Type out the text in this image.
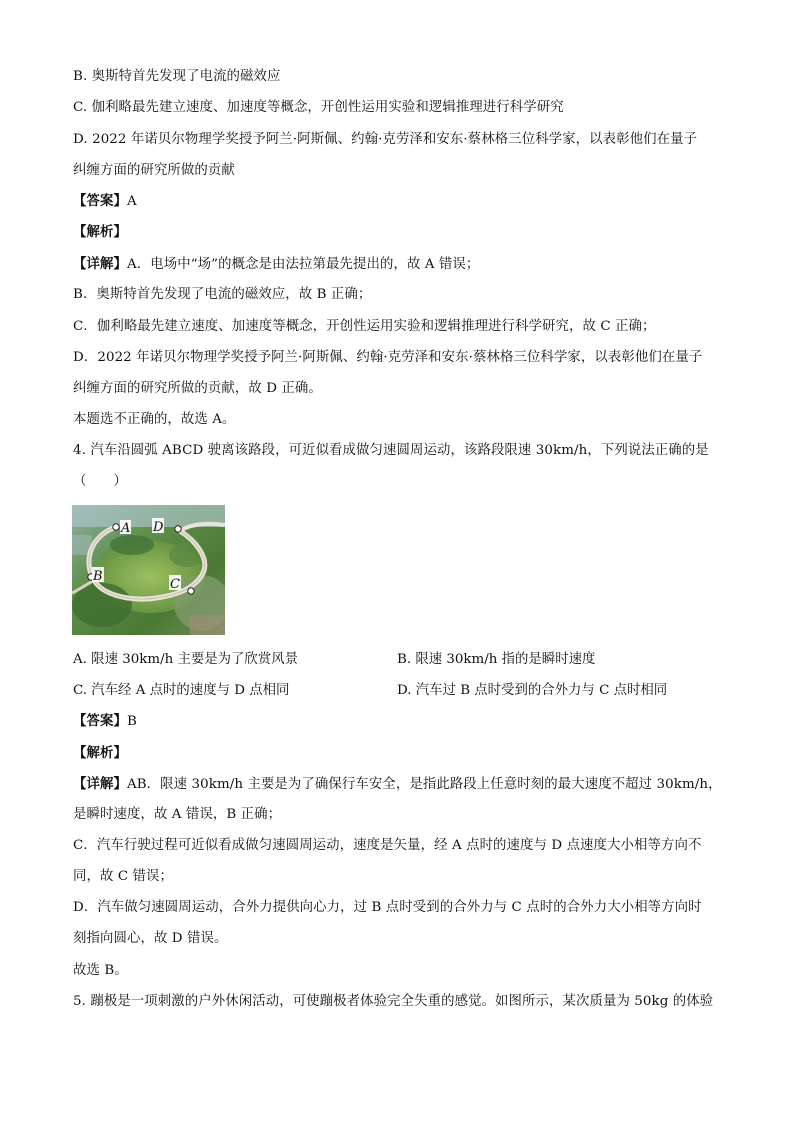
B. 奥斯特首先发现了电流的磁效应
C. 伽利略最先建立速度、加速度等概念，开创性运用实验和逻辑推理进行科学研究
D. 2022 年诺贝尔物理学奖授予阿兰·阿斯佩、约翰·克劳泽和安东·蔡林格三位科学家，以表彰他们在量子
纠缠方面的研究所做的贡献
【答案】A
【解析】
【详解】A．电场中“场”的概念是由法拉第最先提出的，故 A 错误；
B．奥斯特首先发现了电流的磁效应，故 B 正确；
C．伽利略最先建立速度、加速度等概念，开创性运用实验和逻辑推理进行科学研究，故 C 正确；
D．2022 年诺贝尔物理学奖授予阿兰·阿斯佩、约翰·克劳泽和安东·蔡林格三位科学家，以表彰他们在量子
纠缠方面的研究所做的贡献，故 D 正确。
本题选不正确的，故选 A。
4. 汽车沿圆弧 ABCD 驶离该路段，可近似看成做匀速圆周运动，该路段限速 30km/h，下列说法正确的是
（　　）
A D
B
C
A. 限速 30km/h 主要是为了欣赏风景	B. 限速 30km/h 指的是瞬时速度
C. 汽车经 A 点时的速度与 D 点相同	D. 汽车过 B 点时受到的合外力与 C 点时相同
【答案】B
【解析】
【详解】AB．限速 30km/h 主要是为了确保行车安全，是指此路段上任意时刻的最大速度不超过 30km/h，
是瞬时速度，故 A 错误，B 正确；
C．汽车行驶过程可近似看成做匀速圆周运动，速度是矢量，经 A 点时的速度与 D 点速度大小相等方向不
同，故 C 错误；
D．汽车做匀速圆周运动，合外力提供向心力，过 B 点时受到的合外力与 C 点时的合外力大小相等方向时
刻指向圆心，故 D 错误。
故选 B。
5. 蹦极是一项刺激的户外休闲活动，可使蹦极者体验完全失重的感觉。如图所示，某次质量为 50kg 的体验
